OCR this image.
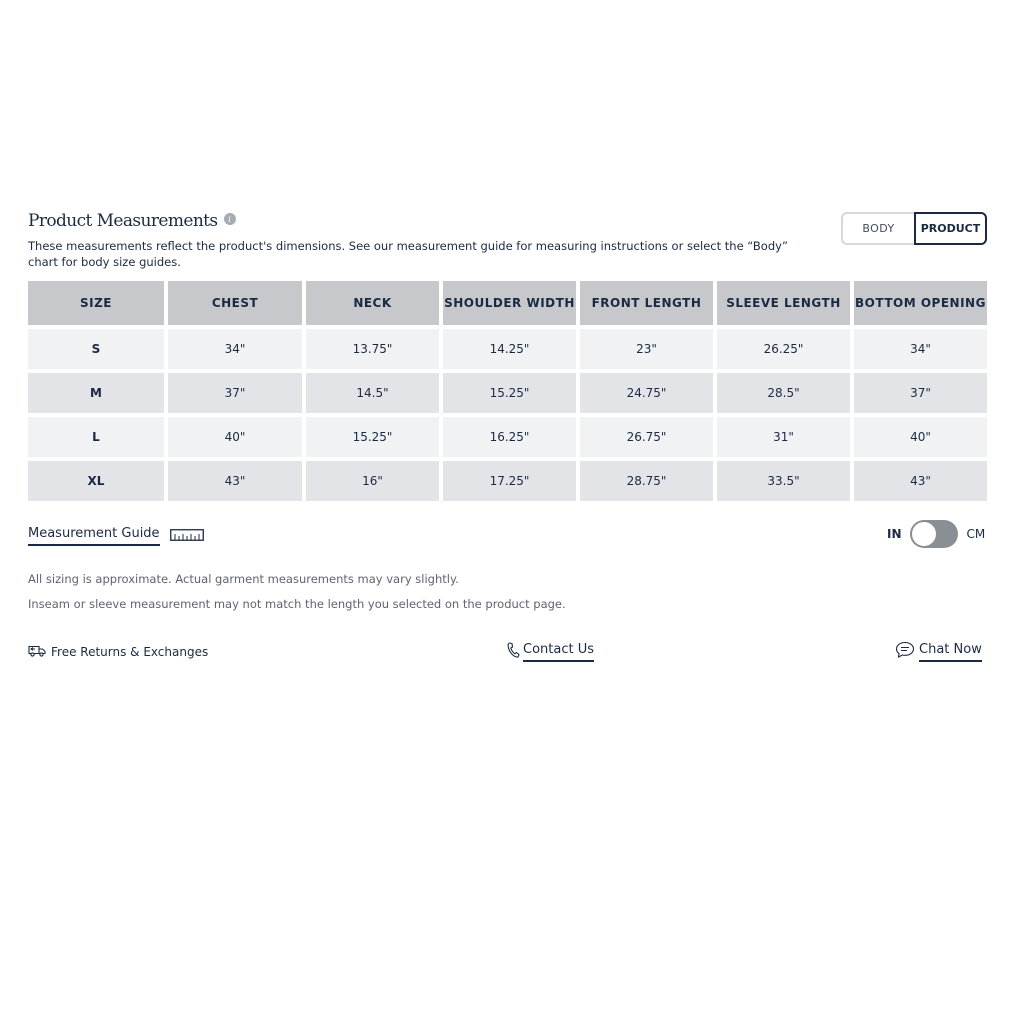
Product Measurements	i

These measurements reflect the product's dimensions. See our measurement guide for measuring instructions or select the “Body” chart for body size guides.

BODY	PRODUCT
SIZE	CHEST	NECK	SHOULDER WIDTH	FRONT LENGTH	SLEEVE LENGTH	BOTTOM OPENING
S	34"	13.75"	14.25"	23"	26.25"	34"
M	37"	14.5"	15.25"	24.75"	28.5"	37"
L	40"	15.25"	16.25"	26.75"	31"	40"
XL	43"	16"	17.25"	28.75"	33.5"	43"
Measurement Guide	IN	CM

All sizing is approximate. Actual garment measurements may vary slightly.

Inseam or sleeve measurement may not match the length you selected on the product page.

Free Returns & Exchanges	Contact Us	Chat Now
